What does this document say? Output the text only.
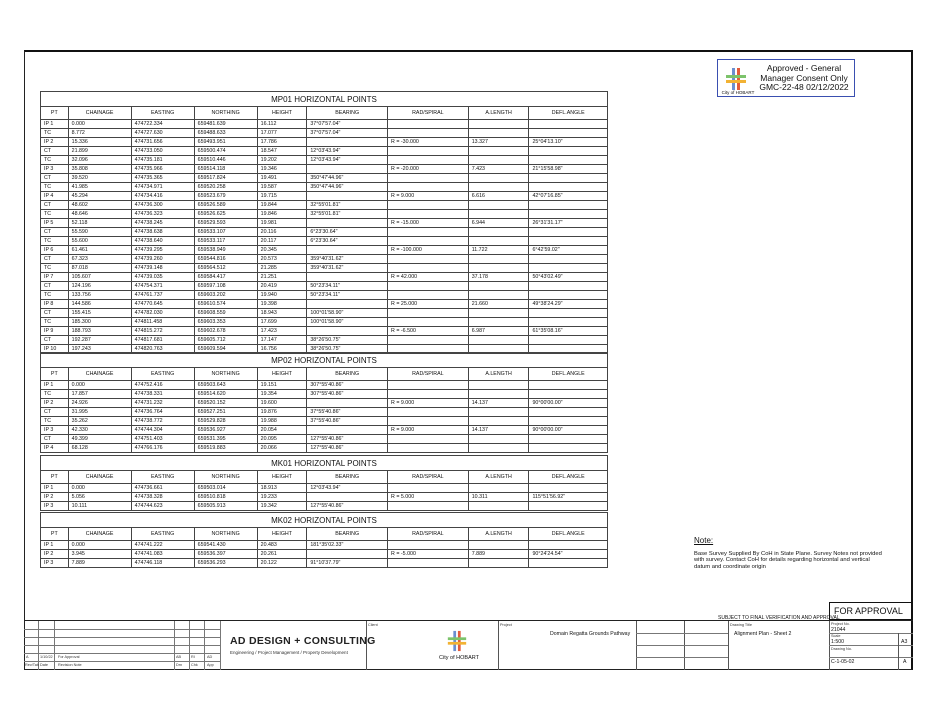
Approved - General
Manager Consent Only
GMC-22-48 02/12/2022
City of HOBART
MP01 HORIZONTAL POINTS								
PT	CHAINAGE	EASTING	NORTHING	HEIGHT	BEARING	RAD/SPIRAL	A.LENGTH	DEFL.ANGLE
IP 1	0.000	474722.334	659481.639	16.112	37°07'57.04"			
TC	8.772	474727.630	659488.633	17.077	37°07'57.04"			
IP 2	15.336	474731.656	659493.951	17.786		R = -30.000	13.327	25°04'13.10"
CT	21.899	474733.050	659500.474	18.547	12°03'43.94"			
TC	32.096	474735.181	659510.446	19.202	12°03'43.94"			
IP 3	35.808	474735.966	659514.118	19.346		R = -20.000	7.423	21°15'58.98"
CT	39.520	474735.365	659517.824	19.491	350°47'44.96"			
TC	41.985	474734.971	659520.258	19.587	350°47'44.96"			
IP 4	45.294	474734.416	659523.679	19.715		R = 9.000	6.616	42°07'16.85"
CT	48.602	474736.300	659526.589	19.844	32°55'01.81"			
TC	48.646	474736.323	659526.625	19.846	32°55'01.81"			
IP 5	52.118	474738.245	659529.593	19.981		R = -15.000	6.944	26°31'31.17"
CT	55.590	474738.638	659533.107	20.116	6°23'30.64"			
TC	55.600	474738.640	659533.117	20.117	6°23'30.64"			
IP 6	61.461	474739.295	659538.949	20.345		R = -100.000	11.722	6°42'59.02"
CT	67.323	474739.260	659544.816	20.573	359°40'31.62"			
TC	87.018	474739.148	659564.512	21.285	359°40'31.62"			
IP 7	105.607	474739.035	659584.417	21.251		R = 42.000	37.178	50°43'02.49"
CT	124.196	474754.371	659597.108	20.419	50°23'34.11"			
TC	133.756	474761.737	659603.202	19.940	50°23'34.11"			
IP 8	144.586	474770.645	659610.574	19.398		R = 25.000	21.660	49°38'24.29"
CT	155.415	474782.030	659608.559	18.943	100°01'58.90"			
TC	185.300	474811.458	659603.353	17.699	100°01'58.90"			
IP 9	188.793	474815.272	659602.678	17.423		R = -6.500	6.987	61°35'08.16"
CT	192.287	474817.681	659605.712	17.147	38°26'50.75"			
IP 10	197.243	474820.763	659609.594	16.756	38°26'50.75"			
MP02 HORIZONTAL POINTS								
PT	CHAINAGE	EASTING	NORTHING	HEIGHT	BEARING	RAD/SPIRAL	A.LENGTH	DEFL.ANGLE
IP 1	0.000	474752.416	659503.643	19.151	307°55'40.86"			
TC	17.857	474738.331	659514.620	19.354	307°55'40.86"			
IP 2	24.926	474731.232	659520.152	19.600		R = 9.000	14.137	90°00'00.00"
CT	31.995	474736.764	659527.251	19.876	37°55'40.86"			
TC	35.262	474738.772	659529.828	19.988	37°55'40.86"			
IP 3	42.330	474744.304	659536.927	20.054		R = 9.000	14.137	90°00'00.00"
CT	49.399	474751.403	659531.395	20.095	127°55'40.86"			
IP 4	68.128	474766.176	659519.883	20.066	127°55'40.86"			
MK01 HORIZONTAL POINTS								
PT	CHAINAGE	EASTING	NORTHING	HEIGHT	BEARING	RAD/SPIRAL	A.LENGTH	DEFL.ANGLE
IP 1	0.000	474736.661	659503.014	18.913	12°03'43.94"			
IP 2	5.056	474738.328	659510.818	19.233		R = 5.000	10.311	115°51'56.92"
IP 3	10.111	474744.623	659505.913	19.342	127°55'40.86"			
MK02 HORIZONTAL POINTS								
PT	CHAINAGE	EASTING	NORTHING	HEIGHT	BEARING	RAD/SPIRAL	A.LENGTH	DEFL.ANGLE
IP 1	0.000	474741.222	659541.430	20.483	181°35'02.33"			
IP 2	3.945	474741.083	659536.397	20.261		R = -5.000	7.889	90°24'24.54"
IP 3	7.889	474746.118	659536.293	20.122	91°10'37.79"			
Note:
Base Survey Supplied By CoH in State Plane. Survey Notes not provided with survey. Contact CoH for details regarding horizontal and vertical datum and coordinate origin
SUBJECT TO FINAL VERIFICATION AND APPROVAL
FOR APPROVAL
A	1/10/22 For Approval	AB	RI	AD
Rev/Tab Date	Revision Note	Drn Chk App
AD DESIGN + CONSULTING
Engineering / Project Management / Property Development
Client
City of HOBART
Project
Domain Regatta Grounds Pathway
Drawing Title
Alignment Plan - Sheet 2
Project No.
21044
Scale
1:500	A3
Drawing No.
C-1-05-02	A
